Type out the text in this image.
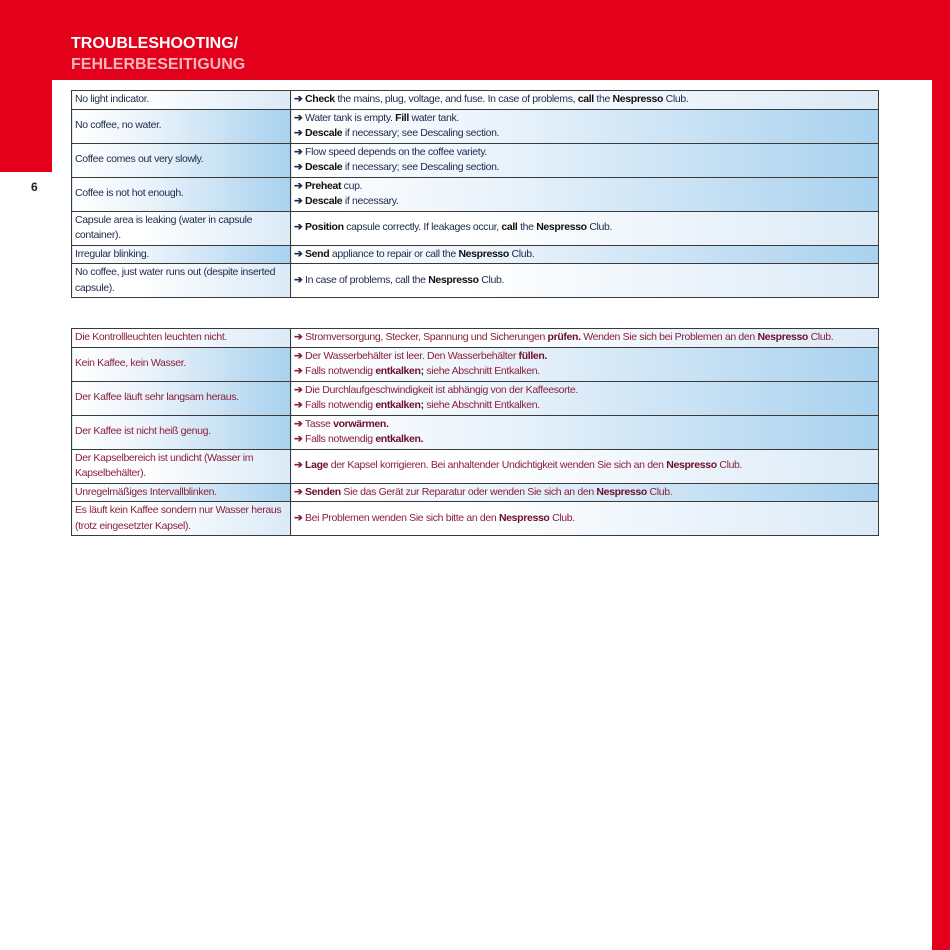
TROUBLESHOOTING/
FEHLERBESEITIGUNG
6
No light indicator.	➔ Check the mains, plug, voltage, and fuse. In case of problems, call the Nespresso Club.

No coffee, no water.	➔ Water tank is empty. Fill water tank.
➔ Descale if necessary; see Descaling section.

Coffee comes out very slowly.	➔ Flow speed depends on the coffee variety.
➔ Descale if necessary; see Descaling section.

Coffee is not hot enough.	➔ Preheat cup.
➔ Descale if necessary.

Capsule area is leaking (water in capsule container).	➔ Position capsule correctly. If leakages occur, call the Nespresso Club.

Irregular blinking.	➔ Send appliance to repair or call the Nespresso Club.

No coffee, just water runs out (despite inserted capsule).	➔ In case of problems, call the Nespresso Club.
Die Kontrollleuchten leuchten nicht.	➔ Stromversorgung, Stecker, Spannung und Sicherungen prüfen. Wenden Sie sich bei Problemen an den Nespresso Club.

Kein Kaffee, kein Wasser.	➔ Der Wasserbehälter ist leer. Den Wasserbehälter füllen.
➔ Falls notwendig entkalken; siehe Abschnitt Entkalken.

Der Kaffee läuft sehr langsam heraus.	➔ Die Durchlaufgeschwindigkeit ist abhängig von der Kaffeesorte.
➔ Falls notwendig entkalken; siehe Abschnitt Entkalken.

Der Kaffee ist nicht heiß genug.	➔ Tasse vorwärmen.
➔ Falls notwendig entkalken.

Der Kapselbereich ist undicht (Wasser im Kapselbehälter).	➔ Lage der Kapsel korrigieren. Bei anhaltender Undichtigkeit wenden Sie sich an den Nespresso Club.

Unregelmäßiges Intervallblinken.	➔ Senden Sie das Gerät zur Reparatur oder wenden Sie sich an den Nespresso Club.

Es läuft kein Kaffee sondern nur Wasser heraus (trotz eingesetzter Kapsel).	➔ Bei Problemen wenden Sie sich bitte an den Nespresso Club.
